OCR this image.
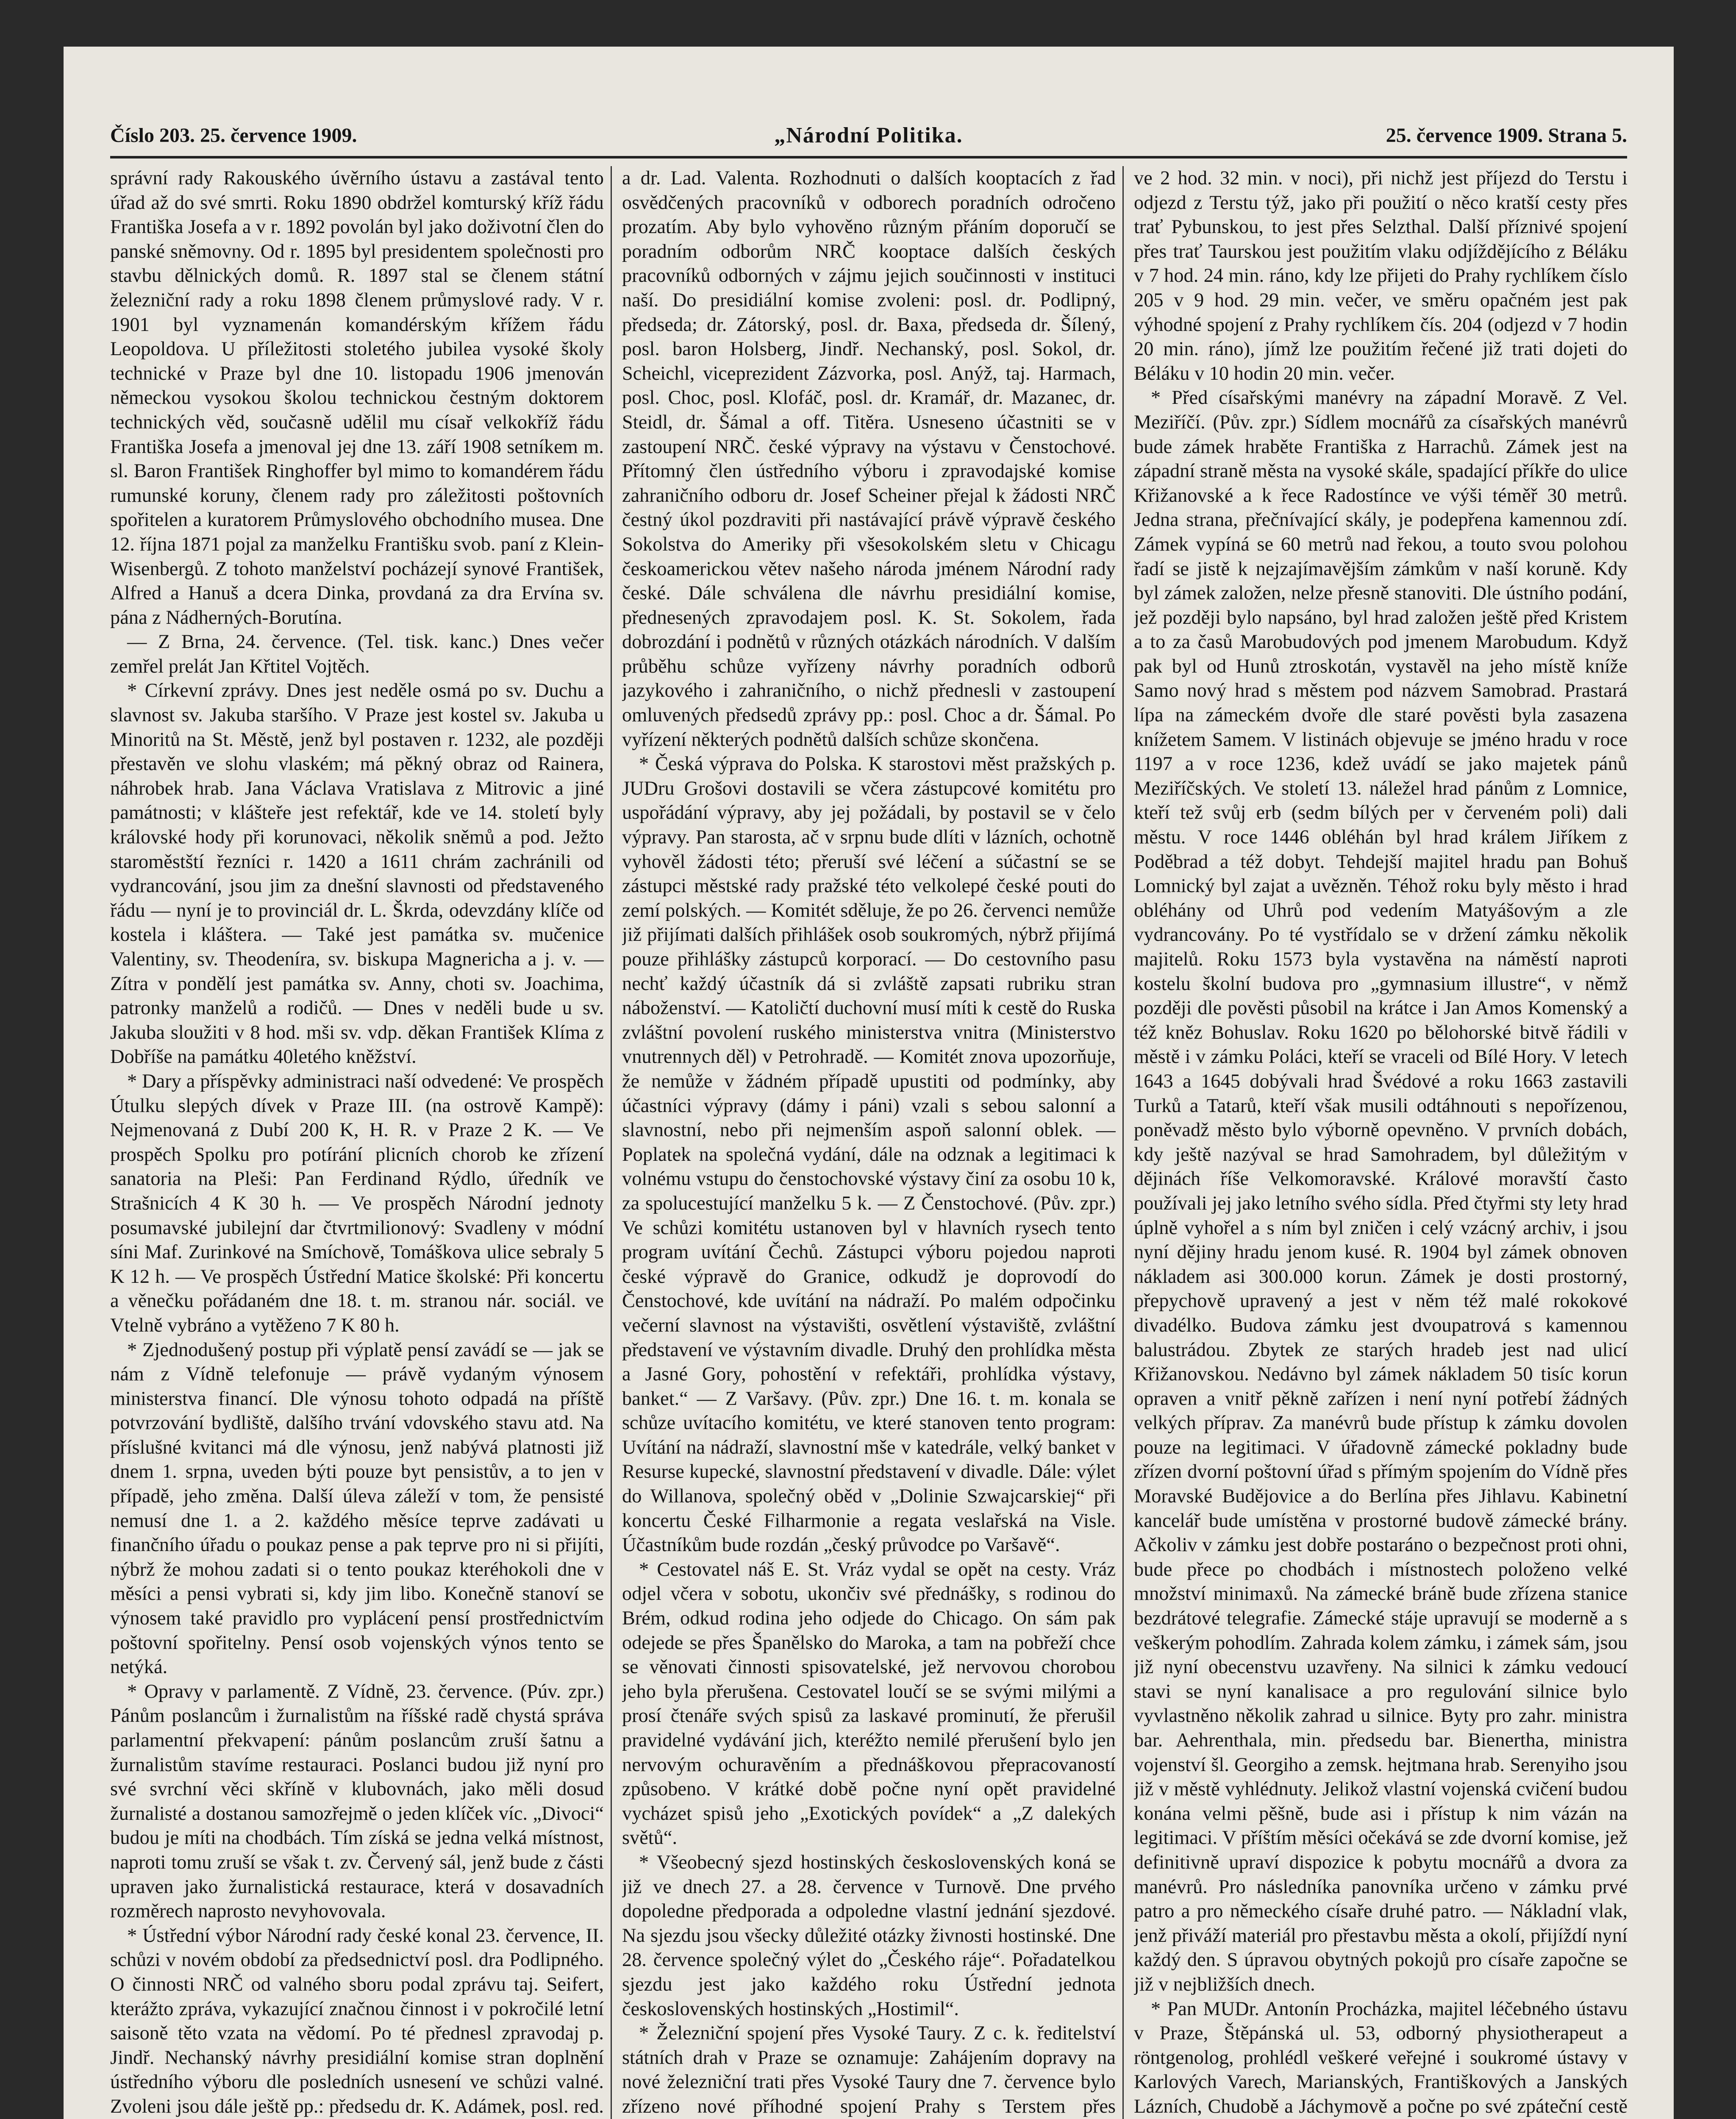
Číslo 203. 25. července 1909.	„Národní Politika.	25. července 1909. Strana 5.

správní rady Rakouského úvěrního ústavu a zastával tento úřad až do své smrti. Roku 1890 obdržel komturský kříž řádu Františka Josefa a v r. 1892 povolán byl jako doživotní člen do panské sněmovny. Od r. 1895 byl presidentem společnosti pro stavbu dělnických domů. R. 1897 stal se členem státní železniční rady a roku 1898 členem průmyslové rady. V r. 1901 byl vyznamenán komandérským křížem řádu Leopoldova. U příležitosti stoletého jubilea vysoké školy technické v Praze byl dne 10. listopadu 1906 jmenován německou vysokou školou technickou čestným doktorem technických věd, současně udělil mu císař velkokříž řádu Františka Josefa a jmenoval jej dne 13. září 1908 setníkem m. sl. Baron František Ringhoffer byl mimo to komandérem řádu rumunské koruny, členem rady pro záležitosti poštovních spořitelen a kuratorem Průmyslového obchodního musea. Dne 12. října 1871 pojal za manželku Františku svob. paní z Klein-Wisenbergů. Z tohoto manželství pocházejí synové František, Alfred a Hanuš a dcera Dinka, provdaná za dra Ervína sv. pána z Nádherných-Borutína.

— Z Brna, 24. července. (Tel. tisk. kanc.) Dnes večer zemřel prelát Jan Křtitel Vojtěch.

* Církevní zprávy. Dnes jest neděle osmá po sv. Duchu a slavnost sv. Jakuba staršího. V Praze jest kostel sv. Jakuba u Minoritů na St. Městě, jenž byl postaven r. 1232, ale později přestavěn ve slohu vlaském; má pěkný obraz od Rainera, náhrobek hrab. Jana Václava Vratislava z Mitrovic a jiné památnosti; v klášteře jest refektář, kde ve 14. století byly královské hody při korunovaci, několik sněmů a pod. Ježto staroměstští řezníci r. 1420 a 1611 chrám zachránili od vydrancování, jsou jim za dnešní slavnosti od představeného řádu — nyní je to provinciál dr. L. Škrda, odevzdány klíče od kostela i kláštera. — Také jest památka sv. mučenice Valentiny, sv. Theodeníra, sv. biskupa Magnericha a j. v. — Zítra v pondělí jest památka sv. Anny, choti sv. Joachima, patronky manželů a rodičů. — Dnes v neděli bude u sv. Jakuba sloužiti v 8 hod. mši sv. vdp. děkan František Klíma z Dobříše na památku 40letého kněžství.

* Dary a příspěvky administraci naší odvedené: Ve prospěch Útulku slepých dívek v Praze III. (na ostrově Kampě): Nejmenovaná z Dubí 200 K, H. R. v Praze 2 K. — Ve prospěch Spolku pro potírání plicních chorob ke zřízení sanatoria na Pleši: Pan Ferdinand Rýdlo, úředník ve Strašnicích 4 K 30 h. — Ve prospěch Národní jednoty posumavské jubilejní dar čtvrtmilionový: Svadleny v módní síni Maf. Zurinkové na Smíchově, Tomáškova ulice sebraly 5 K 12 h. — Ve prospěch Ústřední Matice školské: Při koncertu a věnečku pořádaném dne 18. t. m. stranou nár. sociál. ve Vtelně vybráno a vytěženo 7 K 80 h.

* Zjednodušený postup při výplatě pensí zavádí se — jak se nám z Vídně telefonuje — právě vydaným výnosem ministerstva financí. Dle výnosu tohoto odpadá na příště potvrzování bydliště, dalšího trvání vdovského stavu atd. Na příslušné kvitanci má dle výnosu, jenž nabývá platnosti již dnem 1. srpna, uveden býti pouze byt pensistův, a to jen v případě, jeho změna. Další úleva záleží v tom, že pensisté nemusí dne 1. a 2. každého měsíce teprve zadávati u finančního úřadu o poukaz pense a pak teprve pro ni si přijíti, nýbrž že mohou zadati si o tento poukaz kteréhokoli dne v měsíci a pensi vybrati si, kdy jim libo. Konečně stanoví se výnosem také pravidlo pro vyplácení pensí prostřednictvím poštovní spořitelny. Pensí osob vojenských výnos tento se netýká.

* Opravy v parlamentě. Z Vídně, 23. července. (Púv. zpr.) Pánům poslancům i žurnalistům na říšské radě chystá správa parlamentní překvapení: pánům poslancům zruší šatnu a žurnalistům stavíme restauraci. Poslanci budou již nyní pro své svrchní věci skříně v klubovnách, jako měli dosud žurnalisté a dostanou samozřejmě o jeden klíček víc. „Divoci“ budou je míti na chodbách. Tím získá se jedna velká místnost, naproti tomu zruší se však t. zv. Červený sál, jenž bude z části upraven jako žurnalistická restaurace, která v dosavadních rozměrech naprosto nevyhovovala.

* Ústřední výbor Národní rady české konal 23. července, II. schůzi v novém období za předsednictví posl. dra Podlipného. O činnosti NRČ od valného sboru podal zprávu taj. Seifert, kterážto zpráva, vykazující značnou činnost i v pokročilé letní saisoně těto vzata na vědomí. Po té přednesl zpravodaj p. Jindř. Nechanský návrhy presidiální komise stran doplnění ústředního výboru dle posledních usnesení ve schůzi valné. Zvoleni jsou dále ještě pp.: předsedu dr. K. Adámek, posl. red.

a dr. Lad. Valenta. Rozhodnuti o dalších kooptacích z řad osvědčených pracovníků v odborech poradních odročeno prozatím. Aby bylo vyhověno různým přáním doporučí se poradním odborům NRČ kooptace dalších českých pracovníků odborných v zájmu jejich součinnosti v instituci naší. Do presidiální komise zvoleni: posl. dr. Podlipný, předseda; dr. Zátorský, posl. dr. Baxa, předseda dr. Šílený, posl. baron Holsberg, Jindř. Nechanský, posl. Sokol, dr. Scheichl, viceprezident Zázvorka, posl. Anýž, taj. Harmach, posl. Choc, posl. Klofáč, posl. dr. Kramář, dr. Mazanec, dr. Steidl, dr. Šámal a off. Titěra. Usneseno účastniti se v zastoupení NRČ. české výpravy na výstavu v Čenstochové. Přítomný člen ústředního výboru i zpravodajské komise zahraničního odboru dr. Josef Scheiner přejal k žádosti NRČ čestný úkol pozdraviti při nastávající právě výpravě českého Sokolstva do Ameriky při všesokolském sletu v Chicagu českoamerickou větev našeho národa jménem Národní rady české. Dále schválena dle návrhu presidiální komise, přednesených zpravodajem posl. K. St. Sokolem, řada dobrozdání i podnětů v různých otázkách národních. V dalším průběhu schůze vyřízeny návrhy poradních odborů jazykového i zahraničního, o nichž přednesli v zastoupení omluvených předsedů zprávy pp.: posl. Choc a dr. Šámal. Po vyřízení některých podnětů dalších schůze skončena.

* Česká výprava do Polska. K starostovi měst pražských p. JUDru Grošovi dostavili se včera zástupcové komitétu pro uspořádání výpravy, aby jej požádali, by postavil se v čelo výpravy. Pan starosta, ač v srpnu bude dlíti v lázních, ochotně vyhověl žádosti této; přeruší své léčení a súčastní se se zástupci městské rady pražské této velkolepé české pouti do zemí polských. — Komitét sděluje, že po 26. červenci nemůže již přijímati dalších přihlášek osob soukromých, nýbrž přijímá pouze přihlášky zástupců korporací. — Do cestovního pasu nechť každý účastník dá si zvláště zapsati rubriku stran náboženství. — Katoličtí duchovní musí míti k cestě do Ruska zvláštní povolení ruského ministerstva vnitra (Ministerstvo vnutrennych děl) v Petrohradě. — Komitét znova upozorňuje, že nemůže v žádném případě upustiti od podmínky, aby účastníci výpravy (dámy i páni) vzali s sebou salonní a slavnostní, nebo při nejmenším aspoň salonní oblek. — Poplatek na společná vydání, dále na odznak a legitimaci k volnému vstupu do čenstochovské výstavy činí za osobu 10 k, za spolucestující manželku 5 k. — Z Čenstochové. (Pův. zpr.) Ve schůzi komitétu ustanoven byl v hlavních rysech tento program uvítání Čechů. Zástupci výboru pojedou naproti české výpravě do Granice, odkudž je doprovodí do Čenstochové, kde uvítání na nádraží. Po malém odpočinku večerní slavnost na výstavišti, osvětlení výstaviště, zvláštní představení ve výstavním divadle. Druhý den prohlídka města a Jasné Gory, pohostění v refektáři, prohlídka výstavy, banket.“ — Z Varšavy. (Pův. zpr.) Dne 16. t. m. konala se schůze uvítacího komitétu, ve které stanoven tento program: Uvítání na nádraží, slavnostní mše v katedrále, velký banket v Resurse kupecké, slavnostní představení v divadle. Dále: výlet do Willanova, společný oběd v „Dolinie Szwajcarskiej“ při koncertu České Filharmonie a regata veslařská na Visle. Účastníkům bude rozdán „český průvodce po Varšavě“.

* Cestovatel náš E. St. Vráz vydal se opět na cesty. Vráz odjel včera v sobotu, ukončiv své přednášky, s rodinou do Brém, odkud rodina jeho odjede do Chicago. On sám pak odejede se přes Španělsko do Maroka, a tam na pobřeží chce se věnovati činnosti spisovatelské, jež nervovou chorobou jeho byla přerušena. Cestovatel loučí se se svými milými a prosí čtenáře svých spisů za laskavé prominutí, že přerušil pravidelné vydávání jich, kteréžto nemilé přerušení bylo jen nervovým ochuravěním a přednáškovou přepracovaností způsobeno. V krátké době počne nyní opět pravidelné vycházet spisů jeho „Exotických povídek“ a „Z dalekých světů“.

* Všeobecný sjezd hostinských československých koná se již ve dnech 27. a 28. července v Turnově. Dne prvého dopoledne předporada a odpoledne vlastní jednání sjezdové. Na sjezdu jsou všecky důležité otázky živnosti hostinské. Dne 28. července společný výlet do „Českého ráje“. Pořadatelkou sjezdu jest jako každého roku Ústřední jednota československých hostinských „Hostimil“.

* Železniční spojení přes Vysoké Taury. Z c. k. ředitelství státních drah v Praze se oznamuje: Zahájením dopravy na nové železniční trati přes Vysoké Taury dne 7. července bylo zřízeno nové příhodné spojení Prahy s Terstem přes

ve 2 hod. 32 min. v noci), při nichž jest příjezd do Terstu i odjezd z Terstu týž, jako při použití o něco kratší cesty přes trať Pybunskou, to jest přes Selzthal. Další příznivé spojení přes trať Taurskou jest použitím vlaku odjíždějícího z Béláku v 7 hod. 24 min. ráno, kdy lze přijeti do Prahy rychlíkem číslo 205 v 9 hod. 29 min. večer, ve směru opačném jest pak výhodné spojení z Prahy rychlíkem čís. 204 (odjezd v 7 hodin 20 min. ráno), jímž lze použitím řečené již trati dojeti do Béláku v 10 hodin 20 min. večer.

* Před císařskými manévry na západní Moravě. Z Vel. Meziříčí. (Pův. zpr.) Sídlem mocnářů za císařských manévrů bude zámek hraběte Františka z Harrachů. Zámek jest na západní straně města na vysoké skále, spadající příkře do ulice Křižanovské a k řece Radostínce ve výši téměř 30 metrů. Jedna strana, přečnívající skály, je podepřena kamennou zdí. Zámek vypíná se 60 metrů nad řekou, a touto svou polohou řadí se jistě k nejzajímavějším zámkům v naší koruně. Kdy byl zámek založen, nelze přesně stanoviti. Dle ústního podání, jež později bylo napsáno, byl hrad založen ještě před Kristem a to za časů Marobudových pod jmenem Marobudum. Když pak byl od Hunů ztroskotán, vystavěl na jeho místě kníže Samo nový hrad s městem pod názvem Samobrad. Prastará lípa na zámeckém dvoře dle staré pověsti byla zasazena knížetem Samem. V listinách objevuje se jméno hradu v roce 1197 a v roce 1236, kdež uvádí se jako majetek pánů Meziříčských. Ve století 13. náležel hrad pánům z Lomnice, kteří tež svůj erb (sedm bílých per v červeném poli) dali městu. V roce 1446 obléhán byl hrad králem Jiříkem z Poděbrad a též dobyt. Tehdejší majitel hradu pan Bohuš Lomnický byl zajat a uvězněn. Téhož roku byly město i hrad obléhány od Uhrů pod vedením Matyášovým a zle vydrancovány. Po té vystřídalo se v držení zámku několik majitelů. Roku 1573 byla vystavěna na náměstí naproti kostelu školní budova pro „gymnasium illustre“, v němž později dle pověsti působil na krátce i Jan Amos Komenský a též kněz Bohuslav. Roku 1620 po bělohorské bitvě řádili v městě i v zámku Poláci, kteří se vraceli od Bílé Hory. V letech 1643 a 1645 dobývali hrad Švédové a roku 1663 zastavili Turků a Tatarů, kteří však musili odtáhnouti s nepořízenou, poněvadž město bylo výborně opevněno. V prvních dobách, kdy ještě nazýval se hrad Samohradem, byl důležitým v dějinách říše Velkomoravské. Králové moravští často používali jej jako letního svého sídla. Před čtyřmi sty lety hrad úplně vyhořel a s ním byl zničen i celý vzácný archiv, i jsou nyní dějiny hradu jenom kusé. R. 1904 byl zámek obnoven nákladem asi 300.000 korun. Zámek je dosti prostorný, přepychově upravený a jest v něm též malé rokokové divadélko. Budova zámku jest dvoupatrová s kamennou balustrádou. Zbytek ze starých hradeb jest nad ulicí Křižanovskou. Nedávno byl zámek nákladem 50 tisíc korun opraven a vnitř pěkně zařízen i není nyní potřebí žádných velkých příprav. Za manévrů bude přístup k zámku dovolen pouze na legitimaci. V úřadovně zámecké pokladny bude zřízen dvorní poštovní úřad s přímým spojením do Vídně přes Moravské Budějovice a do Berlína přes Jihlavu. Kabinetní kancelář bude umístěna v prostorné budově zámecké brány. Ačkoliv v zámku jest dobře postaráno o bezpečnost proti ohni, bude přece po chodbách i místnostech položeno velké množství minimaxů. Na zámecké bráně bude zřízena stanice bezdrátové telegrafie. Zámecké stáje upravují se moderně a s veškerým pohodlím. Zahrada kolem zámku, i zámek sám, jsou již nyní obecenstvu uzavřeny. Na silnici k zámku vedoucí stavi se nyní kanalisace a pro regulování silnice bylo vyvlastněno několik zahrad u silnice. Byty pro zahr. ministra bar. Aehrenthala, min. předsedu bar. Bienertha, ministra vojenství šl. Georgiho a zemsk. hejtmana hrab. Serenyiho jsou již v městě vyhlédnuty. Jelikož vlastní vojenská cvičení budou konána velmi pěšně, bude asi i přístup k nim vázán na legitimaci. V příštím měsíci očekává se zde dvorní komise, jež definitivně upraví dispozice k pobytu mocnářů a dvora za manévrů. Pro následníka panovníka určeno v zámku prvé patro a pro německého císaře druhé patro. — Nákladní vlak, jenž přiváží materiál pro přestavbu města a okolí, přijíždí nyní každý den. S úpravou obytných pokojů pro císaře započne se již v nejbližších dnech.

* Pan MUDr. Antonín Procházka, majitel léčebného ústavu v Praze, Štěpánská ul. 53, odborný physiotherapeut a röntgenolog, prohlédl veškeré veřejné i soukromé ústavy v Karlových Varech, Marianských, Františkových a Janských Lázních, Chudobě a Jáchymově a počne po své zpáteční cestě
